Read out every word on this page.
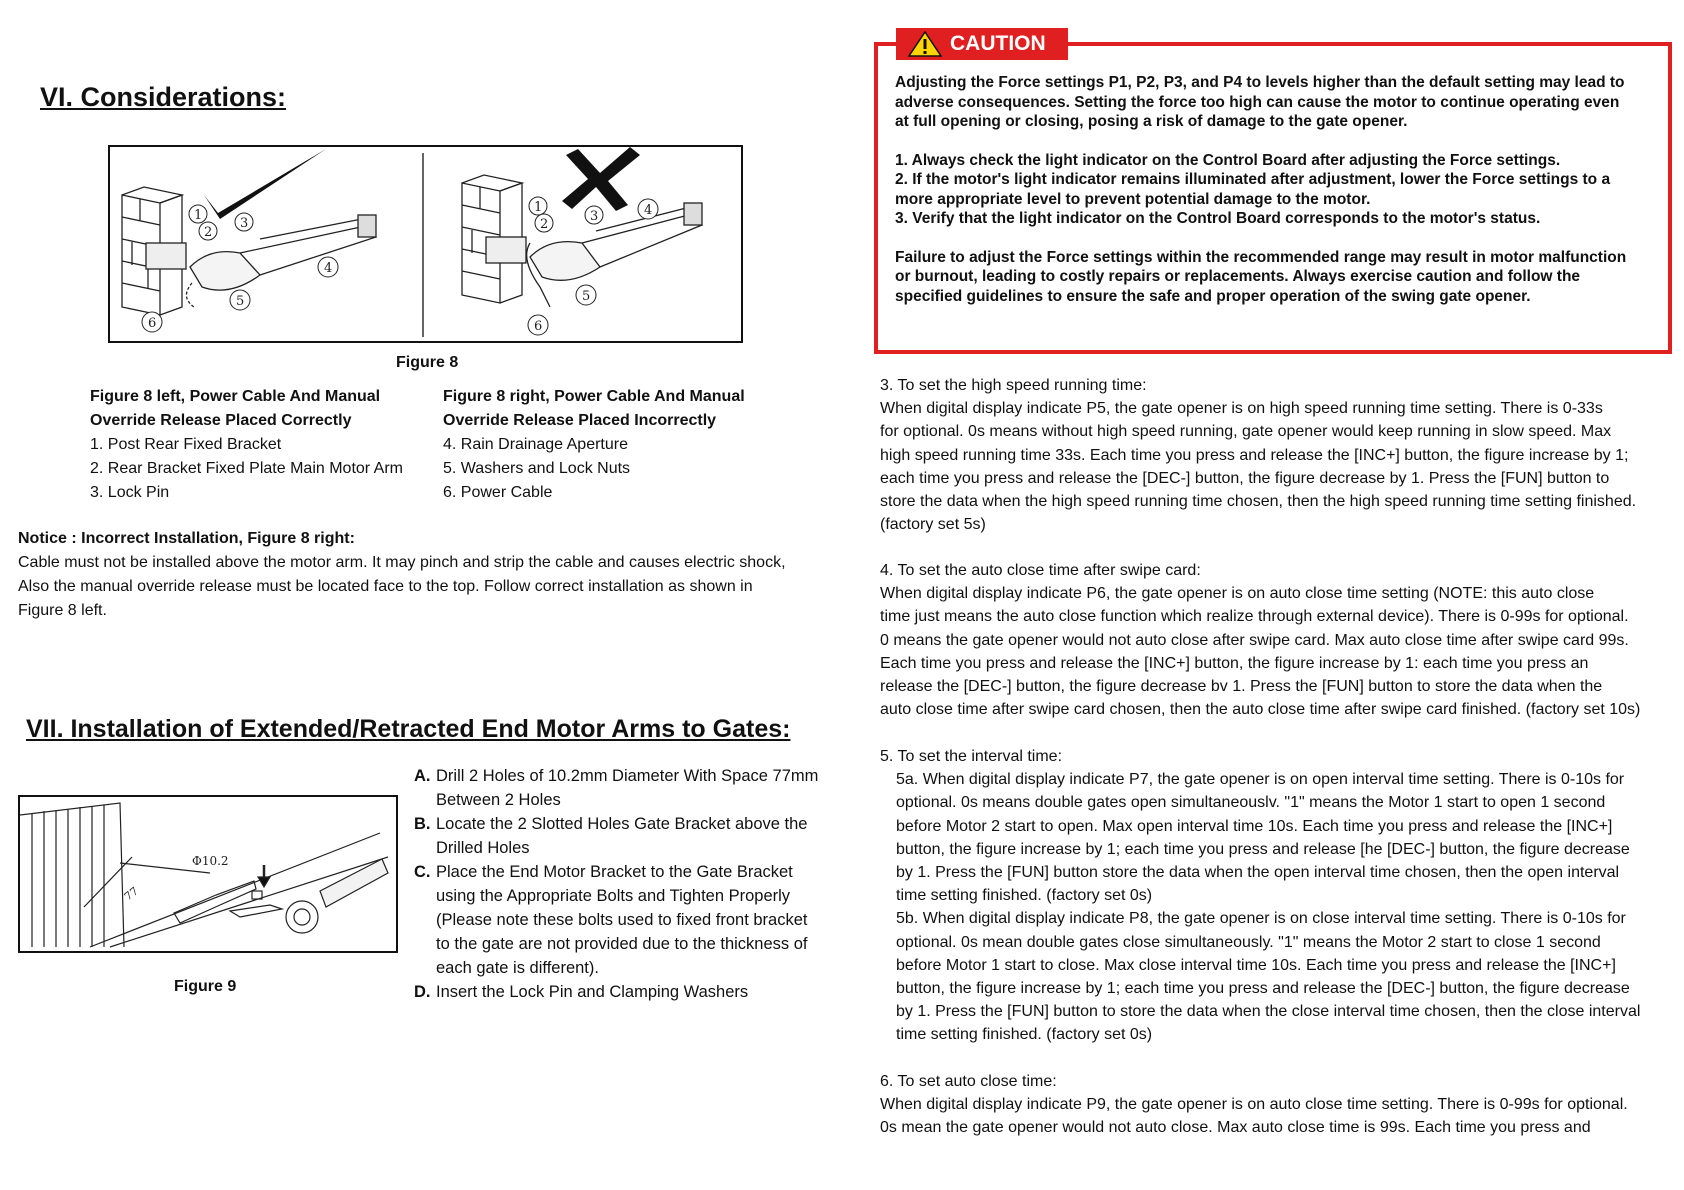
VI. Considerations:
1
2
3
4
5
6
1
2
3	4
5
6
Figure 8
Figure 8 left, Power Cable And Manual
Override Release Placed Correctly
1. Post Rear Fixed Bracket
2. Rear Bracket Fixed Plate Main Motor Arm
3. Lock Pin
Figure 8 right, Power Cable And Manual
Override Release Placed Incorrectly
4. Rain Drainage Aperture
5. Washers and Lock Nuts
6. Power Cable
Notice : Incorrect Installation, Figure 8 right:
Cable must not be installed above the motor arm. It may pinch and strip the cable and causes electric shock,
Also the manual override release must be located face to the top. Follow correct installation as shown in
Figure 8 left.
VII. Installation of Extended/Retracted End Motor Arms to Gates:
Φ10.2
77
Figure 9
A. Drill 2 Holes of 10.2mm Diameter With Space 77mm
Between 2 Holes
B. Locate the 2 Slotted Holes Gate Bracket above the
Drilled Holes
C. Place the End Motor Bracket to the Gate Bracket
using the Appropriate Bolts and Tighten Properly
(Please note these bolts used to fixed front bracket
to the gate are not provided due to the thickness of
each gate is different).
D. Insert the Lock Pin and Clamping Washers
CAUTION
Adjusting the Force settings P1, P2, P3, and P4 to levels higher than the default setting may lead to
adverse consequences. Setting the force too high can cause the motor to continue operating even
at full opening or closing, posing a risk of damage to the gate opener.
1. Always check the light indicator on the Control Board after adjusting the Force settings.
2. If the motor's light indicator remains illuminated after adjustment, lower the Force settings to a
more appropriate level to prevent potential damage to the motor.
3. Verify that the light indicator on the Control Board corresponds to the motor's status.
Failure to adjust the Force settings within the recommended range may result in motor malfunction
or burnout, leading to costly repairs or replacements. Always exercise caution and follow the
specified guidelines to ensure the safe and proper operation of the swing gate opener.
3. To set the high speed running time:
When digital display indicate P5, the gate opener is on high speed running time setting. There is 0-33s
for optional. 0s means without high speed running, gate opener would keep running in slow speed. Max
high speed running time 33s. Each time you press and release the [INC+] button, the figure increase by 1;
each time you press and release the [DEC-] button, the figure decrease by 1. Press the [FUN] button to
store the data when the high speed running time chosen, then the high speed running time setting finished.
(factory set 5s)
4. To set the auto close time after swipe card:
When digital display indicate P6, the gate opener is on auto close time setting (NOTE: this auto close
time just means the auto close function which realize through external device). There is 0-99s for optional.
0 means the gate opener would not auto close after swipe card. Max auto close time after swipe card 99s.
Each time you press and release the [INC+] button, the figure increase by 1: each time you press an
release the [DEC-] button, the figure decrease bv 1. Press the [FUN] button to store the data when the
auto close time after swipe card chosen, then the auto close time after swipe card finished. (factory set 10s)
5. To set the interval time:
5a. When digital display indicate P7, the gate opener is on open interval time setting. There is 0-10s for
optional. 0s means double gates open simultaneouslv. "1" means the Motor 1 start to open 1 second
before Motor 2 start to open. Max open interval time 10s. Each time you press and release the [INC+]
button, the figure increase by 1; each time you press and release [he [DEC-] button, the figure decrease
by 1. Press the [FUN] button store the data when the open interval time chosen, then the open interval
time setting finished. (factory set 0s)
5b. When digital display indicate P8, the gate opener is on close interval time setting. There is 0-10s for
optional. 0s mean double gates close simultaneously. "1" means the Motor 2 start to close 1 second
before Motor 1 start to close. Max close interval time 10s. Each time you press and release the [INC+]
button, the figure increase by 1; each time you press and release the [DEC-] button, the figure decrease
by 1. Press the [FUN] button to store the data when the close interval time chosen, then the close interval
time setting finished. (factory set 0s)
6. To set auto close time:
When digital display indicate P9, the gate opener is on auto close time setting. There is 0-99s for optional.
0s mean the gate opener would not auto close. Max auto close time is 99s. Each time you press and
